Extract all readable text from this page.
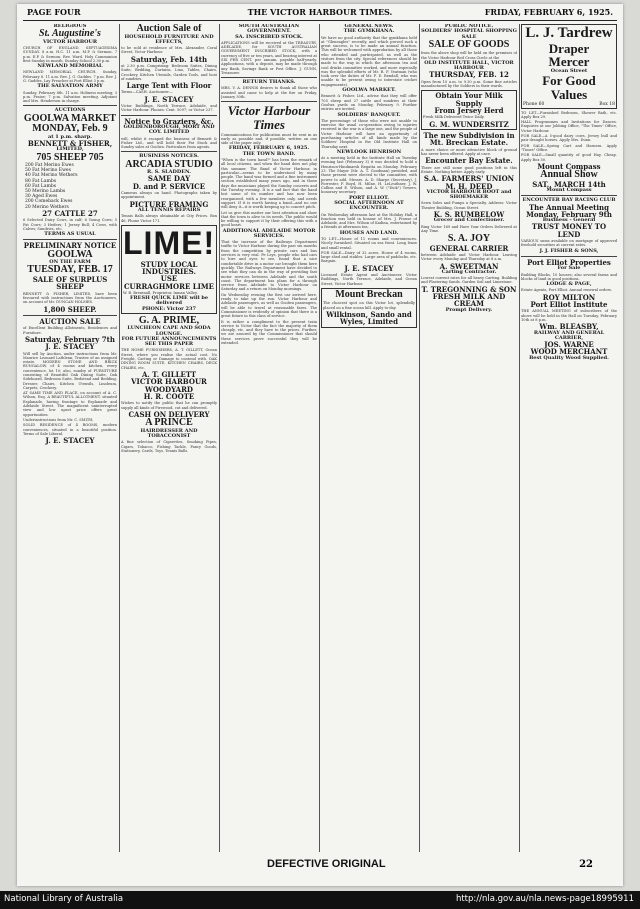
PAGE FOUR	THE VICTOR HARBOUR TIMES.	FRIDAY, FEBRUARY 6, 1925.

RELIGIOUS

St. Augustine's

VICTOR HARBOUR

CHURCH OF ENGLAND. SEPTUAGESIMA SUNDAY. 8 a.m. H.C. 11 a.m. M.P. & Sermon. 7 p.m. E.P. & Sermon. Rev. Ward. Holy Communion first Sunday in month. Sunday School 2.30 p.m.

NEWLAND MEMORIAL

NEWLAND MEMORIAL CHURCH. Sunday, February 8. 11 a.m. Rev. J. G. Gaddes. 7 p.m. Rev. J. G. Gaddes. Lay Preacher at Port Elliot 3 p.m.

THE SALVATION ARMY

Sunday, February 8th. 11 a.m. Holiness meeting; 3 p.m. Praise; 7 p.m. Salvation meeting. Adjutant and Mrs. Henderson in charge.

AUCTIONS

GOOLWA MARKET

MONDAY, Feb. 9

at 1 p.m. sharp.

BENNETT & FISHER,

LIMITED,

705 SHEEP 705

200 Fat Merino Ewes
50 Fat Merino Ewes
40 Fat Merino Wethers
80 Fat Lambs
60 Fat Lambs
50 Merino Lambs
30 Aged Ewes
200 Comeback Ewes
20 Merino Wethers

27 CATTLE 27

6 Selected Dairy Cows, in calf; 6 Young Cows; 5 Fat Cows; 3 Heifers; 1 Jersey Bull; 4 Cows, with Calves; Sundries, etc.

TERMS AS USUAL

PRELIMINARY NOTICE

GOOLWA

ON THE FARM

TUESDAY, FEB. 17

SALE OF SURPLUS SHEEP

BENNETT & FISHER, LIMITED, have been favoured with instructions from the Auctioneers, on account of Mr. DUNCAN HOLMES.

1,800 SHEEP.

AUCTION SALE

of Excellent Building Allotments, Residences and Furniture.

Saturday, February 7th

J. E. STACEY

Will sell by Auction, under instructions from Mr. Maurice Leonard Lathlean, Trustee of an assigned estate. MODERN STONE AND BRICK BUNGALOW, of 4 rooms and kitchen, every convenience, lot 10; also, sundry of FURNITURE consisting of Beautiful Oak Dining Suite, Oak Sideboard, Bedroom Suite, Bedstead and Bedding, Dresser, Chairs, Kitchen Utensils, Linoleum, Carpets, Crockery.

AT SAME TIME AND PLACE, on account of A. C. Wilson, Esq. A BEAUTIFUL ALLOTMENT, situated Esplanade, having frontage to Esplanade and Adelaide Street. The magnificent uninterrupted view and low upset price offers great opportunities.

Underinstructions from Mr. C. SMITH,

SOLID RESIDENCE of 4 ROOMS, modern conveniences, situated in a beautiful position. Terms of Sale Liberal.

J. E. STACEY

Auction Sale of

HOUSEHOLD FURNITURE AND EFFECTS,

to be sold at residence of Mrs. Alexander, Coral Street, Victor Harbour.

Saturday, Feb. 14th

at 2.30 p.m. Comprising: Bedroom Suites, Dining Suite, Bedding, Curtains, Lino, Tables, Chairs, Crockery, Kitchen Utensils, Garden Tools, and host of sundries.

Large Tent with Floor

Terms—CASH. Auctioneer—

J. E. STACEY

Victor Buildings, North Terrace, Adelaide, and Victor Harbour. Phones: Cent. 5097; or Victor 237.

Notice to Graziers, &c.

GOLDENBOROUGH, MORT AND COY. LIMITED

will, whilst it escaped the business of Bennett & Fisher Ltd., and will hold their Fat Stock and Sundry sales at Goolwa. Particulars from agents.

BUSINESS NOTICES.

ARCADIA STUDIO

R. S. SLADDEN.

SAME DAY

D. and P. SERVICE

Cameras always on hand. Photographs taken by appointment.

PICTURE FRAMING

ALL TENNIS REPAIRS

Tennis Balls always obtainable at City Prices. Box 46. Phone Victor 171.

LIME!

STUDY LOCAL INDUSTRIES.

USE

CURRAGHMORE LIME

W. B. Brentnall, Proprietor, Inman Valley.

FRESH QUICK LIME will be delivered

PHONE: Victor 237

G. A. PRIME,

LUNCHEON CAPE AND SODA LOUNGE.

FOR FUTURE ANNOUNCEMENTS

SEE THIS PAPER

THE HOME FURNISHERS, A. T. GILLETT, Ocean Street, where you realise the actual cost. No Freight, Carting or Damage to contend with. OAK DINING ROOM SUITE, KITCHEN CHAIRS, DECK CHAIRS, etc.

A. T. GILLETT

VICTOR HARBOUR WOODYARD

H. R. COOTE

Wishes to notify the public that he can promptly supply all kinds of Firewood, cut and delivered.

CASH ON DELIVERY

A PRINCE

HAIRDRESSER AND TOBACCONIST

A fine selection of Cigarettes, Smoking Pipes, Cigars, Tobacco, Fishing Tackle, Fancy Goods, Stationery, Cards, Toys, Tennis Balls.

SOUTH AUSTRALIAN GOVERNMENT.

SA. INSCRIBED STOCK.

APPLICATIONS will be received at the TREASURY, ADELAIDE, for SOUTH AUSTRALIAN GOVERNMENT INSCRIBED STOCK, with a currency of five or ten years, and bearing interest at SIX PER CENT. per annum, payable half-yearly. Applications, with a deposit, may be made through any Bank, Savings Bank or Post Office. J. GUNN, Treasurer.

RETURN THANKS.

MRS. V. A. DENNIS desires to thank all those who assisted and came to help at the fire on Friday, January 30th.

Victor Harbour Times

Communications for publication must be sent in as early as possible and, if possible, written on one side of the paper only.

FRIDAY, FEBRUARY 6, 1925.

THE TOWN BAND.

"When is the town band?" has been the remark of all local citizens, and when the band does not play this summer. The Band of Victor Harbour, in particular—seems to be understood by many people. The band was formed and a fine instrument section established many years ago, and in those days the musicians played the Sunday concerts and the Tuesday evening. It is a sad fact that the band lost some of its number and has now been reorganised, with a few members only, and needs support. If it is worth having a band—and no one will deny it—it is worth keeping up to concert pitch.

Let us give this matter our best attention and show that the town is alive to its needs. The public would be willing to support it by their offering this with a good heart.

ADDITIONAL ADELAIDE MOTOR SERVICES.

That the increase of the Railways Department traffic to Victor Harbour during the past six months from the competition by private cars and bus services is very real. Pe Leys, people who had cars to hire and eyes to see, found that a nice comfortable drive in a motor car brought them here quickly. The Railways Department have decided to see what they can do in the way of providing fast motor services between Adelaide and the south coast. The department has plans for a through service from Adelaide to Victor Harbour on Saturday and a return on Monday mornings.

On Wednesday evening the first car arrived here, ready to take up the run. Victor Harbour and Adelaide passengers, as well as Goolwa passengers, will be able to travel at reasonable fares. The Commissioner is evidently of opinion that there is a great future in this class of service.

It is rather a compliment to the present train service to Victor that the fact the majority of them cheaply, etc, and they have to the prices. Further, we are assured by the Commissioner that should these services prove successful they will be extended.

GENERAL NEWS.

THE GYMKHANA.

We have no good authority that the gymkhana held at "Gleneagles" recently, and which proved such a great success, is to be made an annual function. This will be welcomed with approbation by all those who attended and participated, as well as the visitors from the city. Special references should be made to the way in which the afternoon tea and cool drinks committee worked, and more especially was the splendid efforts of Mr. R. F. Yeatman (who took over the duties of Mr. F. D. Rendall, who was unable to be present owing to interstate cricket engagements).

GOOLWA MARKET.

Bennett & Fisher, Ltd., advise that they will offer 705 sheep and 27 cattle and sundries at their Goolwa yards on Monday, February 9. Further entries are invited.

SOLDIERS' BANQUET.

The percentage of those who were not unable to exercise the usual co-operation owing to injuries received in the war is a large one, and the people of Victor Harbour will have an opportunity of purchasing articles of all kinds made by the Soldiers' Hospital in the Old Institute Hall on Thursday next.

NEWLOOK HENRISON

At a meeting held in the Institute Hall on Tuesday evening last (February 3) it was decided to hold a Henrison-Hindmarsh Regatta on Monday, February 23. The Mayor (Mr. A. T. Goodman) presided, and those present were elected to the committee, with power to add. Messrs. A. D. Sharpe (Secretary), J. Forrester, F. Boyd, H. Milne, H. LeLeuthner, J. W. Collins and E. Wilson, and A. W. ("Dick") Towers, honorary secretary.

PORT ELLIOT.

SOCIAL AFTERNOON AT ENCOUNTER.

On Wednesday afternoon last at the Holiday Hall, a function was held in honour of Mrs. J. Prouse of Adelaide, and Mrs. Wilson of Kadina, entertained by a friends at afternoon tea.

HOUSES AND LAND.

TO LET—House of 11 rooms and conveniences. Nicely furnished. Situated on sea front. Long lease and small rental.

FOR SALE—Dairy of 32 acres. House of 4 rooms, large shed and stables. Large area of paddocks, etc. Bargain.

J. E. STACEY

Licensed Estate Agent and Auctioneer, Victor Buildings, North Terrace, Adelaide, and Ocean Street, Victor Harbour.

Mount Breckan

The choicest spot on this Victor lot, splendidly placed on a fine ocean hill. Apply to-day.

Wilkinson, Sando and Wyles, Limited

PUBLIC NOTICE.

SOLDIERS' HOSPITAL SHOPPING SALE

SALE OF GOODS

from the above shop will be held on the premises of the Victor Harbour Red Cross Circle at the

OLD INSTITUTE HALL, VICTOR HARBOUR

THURSDAY, FEB. 12

Open from 10 a.m. to 9.30 p.m. Some fine articles manufactured by the Soldiers in their wards.

Obtain Your Milk Supply

From Jersey Herd

Fresh Milk Delivered Twice Daily.

G. M. WUNDERSITZ

The new Subdivision in Mt. Breckan Estate.

A more choice or more attractive block of ground has never been offered. Apply at once.

Encounter Bay Estate.

There are still some good positions left in this Estate. Nothing better. Apply early.

S.A. FARMERS' UNION

M. H. DEED

VICTOR HARBOUR BOOT and SHOEMAKER

Sewn Soles and Pumps a Specialty. Address: Victor Theatre Building, Ocean Street.

K. S. RUMBELOW

Grocer and Confectioner.

Ring Victor 169 and Have Your Orders Delivered at Any Time.

S. A. JOY

GENERAL CARRIER

between Adelaide and Victor Harbour. Leaving Victor every Monday and Thursday at 8 a.m.

A. SWEETMAN

Carting Contractor.

Lowest current rates for all heavy Carting. Building and Plastering Sands. Garden Soil and Limestone.

T. TREGONNING & SON

FRESH MILK AND CREAM

Prompt Delivery.

L. J. Tardrew

Draper

Mercer

Ocean Street

For Good Values

Phone 60	Box 18

TO LET—Furnished Bedroom, Shower Bath, etc. Apply Box 29.

HALL Programmes and Invitations for Dances. Enquiries at our Jobbing Office, "The Times" Office, Victor Harbour.

FOR SALE—A 5-good dairy cows, Jersey bull and pair draught horses. Apply Mrs. Dunn.

FOR SALE—Spring Cart and Harness. Apply "Times" Office.

FOR SALE—Small quantity of good Hay, Cheap. Apply Box 50.

Mount Compass

Annual Show

SAT., MARCH 14th

Mount Compass

ENCOUNTER BAY RACING CLUB

The Annual Meeting

Monday, February 9th

Business - General

TRUST MONEY TO LEND

VARIOUS sums available on mortgage of approved freehold securities at current rates.

J. J. FISHER & SONS,

Port Elliot Properties

For Sale

Building Blocks, 10 houses; also several farms and blocks of land in good positions.

LODGE & PAGE,

Estate Agents, Port Elliot. Annual renewal orders.

ROY MILTON

Port Elliot Institute

THE ANNUAL MEETING of subscribers of the above will be held in the Hall on Tuesday, February 10th at 8 p.m.

Wm. BLEASBY,

RAILWAY AND GENERAL CARRIER,

JOS. WARNE

WOOD MERCHANT

Best Quality Wood Supplied.

DEFECTIVE ORIGINAL	22
National Library of Australia	http://nla.gov.au/nla.news-page18995911
